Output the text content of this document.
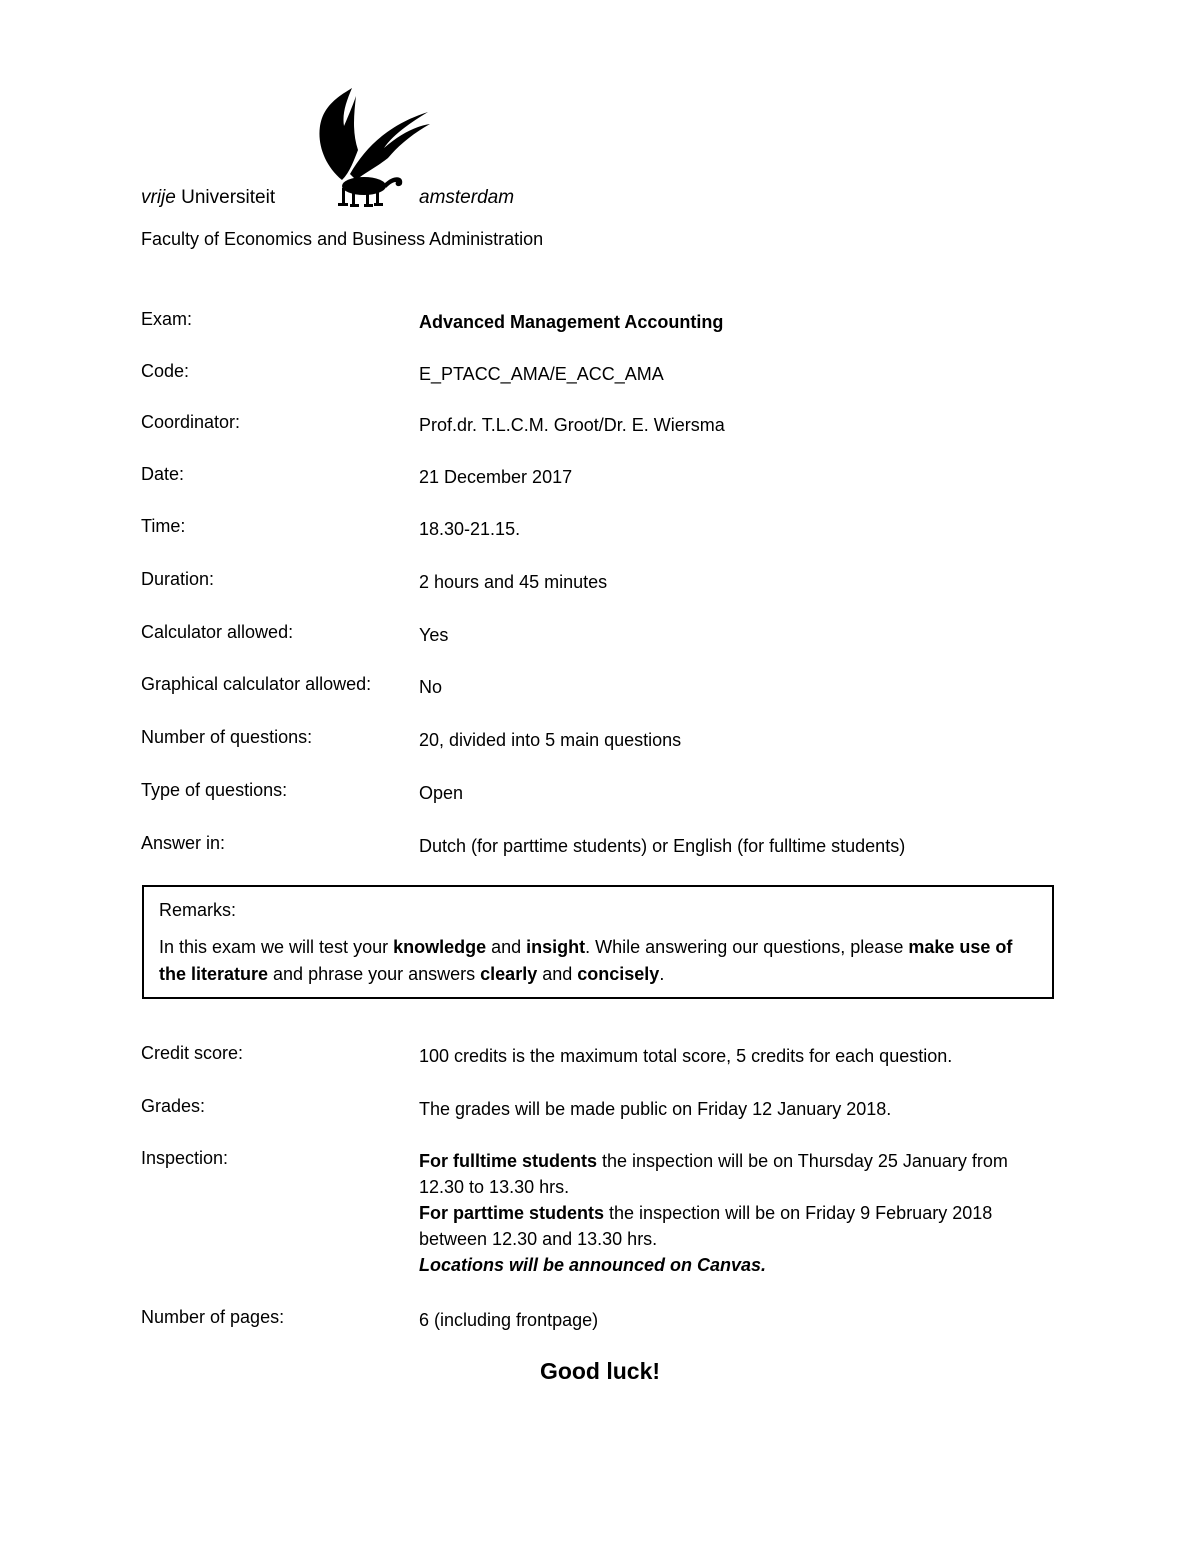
vrije Universiteit	amsterdam
Faculty of Economics and Business Administration
Exam:	Advanced Management Accounting
Code:	E_PTACC_AMA/E_ACC_AMA
Coordinator:	Prof.dr. T.L.C.M. Groot/Dr. E. Wiersma
Date:	21 December 2017
Time:	18.30-21.15.
Duration:	2 hours and 45 minutes
Calculator allowed:	Yes
Graphical calculator allowed:	No
Number of questions:	20, divided into 5 main questions
Type of questions:	Open
Answer in:	Dutch (for parttime students) or English (for fulltime students)
Remarks:
In this exam we will test your knowledge and insight. While answering our questions, please make use of the literature and phrase your answers clearly and concisely.
Credit score:	100 credits is the maximum total score, 5 credits for each question.
Grades:	The grades will be made public on Friday 12 January 2018.
Inspection:	For fulltime students the inspection will be on Thursday 25 January from
12.30 to 13.30 hrs.
For parttime students the inspection will be on Friday 9 February 2018
between 12.30 and 13.30 hrs.
Locations will be announced on Canvas.
Number of pages:	6 (including frontpage)
Good luck!
